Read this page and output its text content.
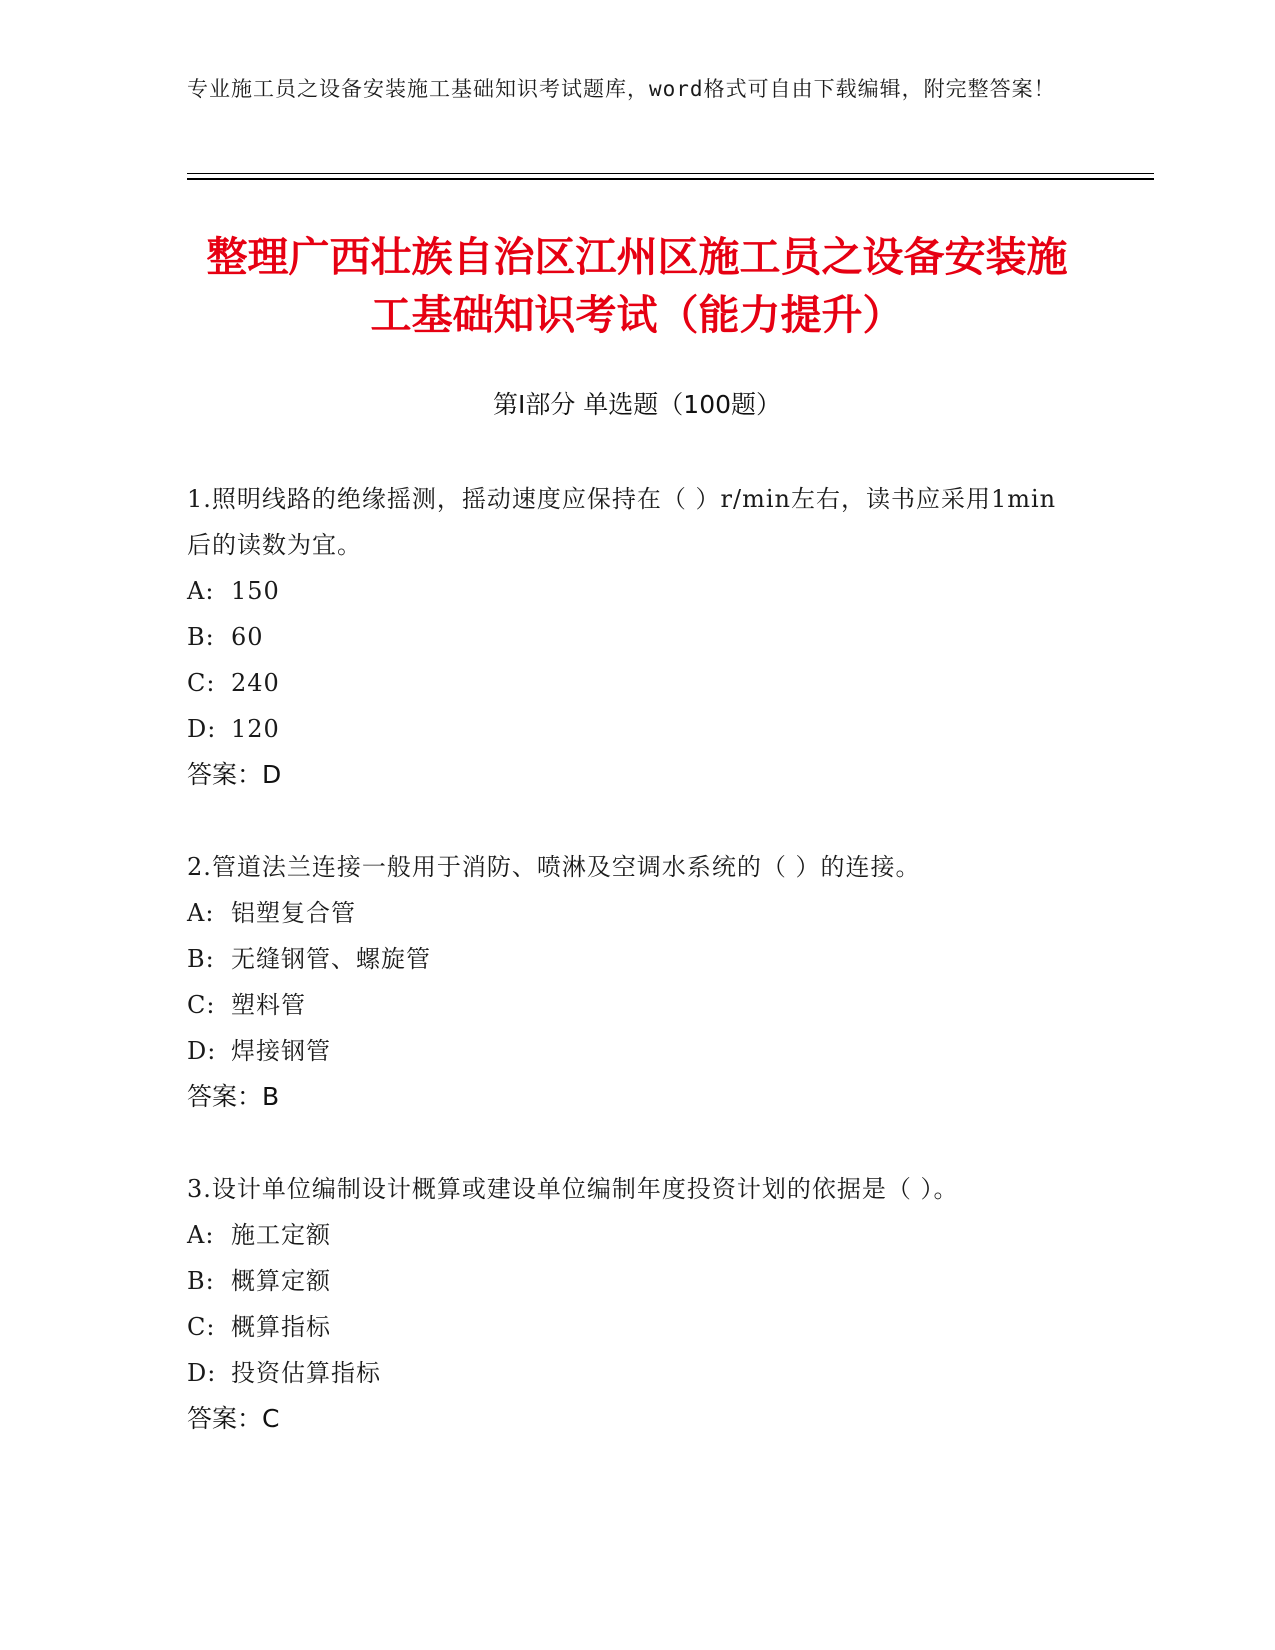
专业施工员之设备安装施工基础知识考试题库，word格式可自由下载编辑，附完整答案！
整理广西壮族自治区江州区施工员之设备安装施工基础知识考试（能力提升）
第Ⅰ部分 单选题（100题）
1.照明线路的绝缘摇测，摇动速度应保持在（ ）r/min左右，读书应采用1min后的读数为宜。
A: 150
B: 60
C: 240
D: 120
答案：D
2.管道法兰连接一般用于消防、喷淋及空调水系统的（ ）的连接。
A: 铝塑复合管
B: 无缝钢管、螺旋管
C: 塑料管
D: 焊接钢管
答案：B
3.设计单位编制设计概算或建设单位编制年度投资计划的依据是（ ）。
A: 施工定额
B: 概算定额
C: 概算指标
D: 投资估算指标
答案：C
